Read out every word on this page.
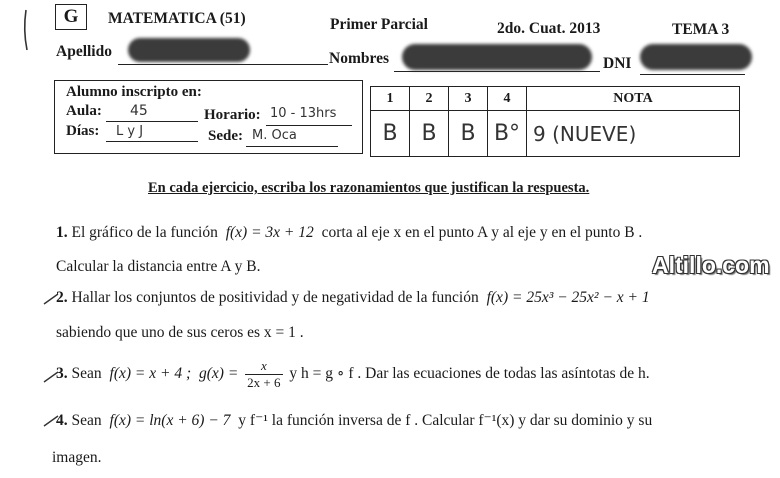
G	MATEMATICA (51)	Primer Parcial	2do. Cuat. 2013	TEMA 3
Apellido	Nombres	DNI
Alumno inscripto en:
Aula: 45	Horario: 10 - 13hrs
Días: L y J	Sede: M. Oca
1	2	3	4	NOTA
B	B	B	B°	9 (NUEVE)
En cada ejercicio, escriba los razonamientos que justifican la respuesta.
Altillo.com
1. El gráfico de la función f(x) = 3x + 12 corta al eje x en el punto A y al eje y en el punto B .
Calcular la distancia entre A y B.
2. Hallar los conjuntos de positividad y de negatividad de la función f(x) = 25x³ − 25x² − x + 1
sabiendo que uno de sus ceros es x = 1 .
3. Sean f(x) = x + 4 ; $g(x) = \frac{x}{2x + 6}$ y h = g ∘ f . Dar las ecuaciones de todas las asíntotas de h.
4. Sean f(x) = ln(x + 6) − 7 y f⁻¹ la función inversa de f . Calcular f⁻¹(x) y dar su dominio y su
imagen.
